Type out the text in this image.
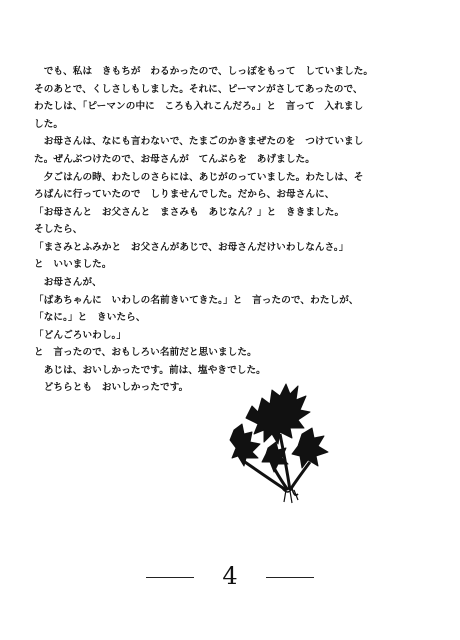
　でも、私は　きもちが　わるかったので、しっぽをもって　していました。
そのあとで、くしさしもしました。それに、ピーマンがさしてあったので、
わたしは、「ピーマンの中に　ころも入れこんだろ。」と　言って　入れまし
した。
　お母さんは、なにも言わないで、たまごのかきまぜたのを　つけていまし
た。ぜんぶつけたので、お母さんが　てんぷらを　あげました。
　夕ごはんの時、わたしのさらには、あじがのっていました。わたしは、そ
ろばんに行っていたので　しりませんでした。だから、お母さんに、
「お母さんと　お父さんと　まさみも　あじなん？」と　ききました。
そしたら、
「まさみとふみかと　お父さんがあじで、お母さんだけいわしなんさ。」
と　いいました。
　お母さんが、
「ばあちゃんに　いわしの名前きいてきた。」と　言ったので、わたしが、
「なに。」と　きいたら、
「どんごろいわし。」
と　言ったので、おもしろい名前だと思いました。
　あじは、おいしかったです。前は、塩やきでした。
　どちらとも　おいしかったです。
4
